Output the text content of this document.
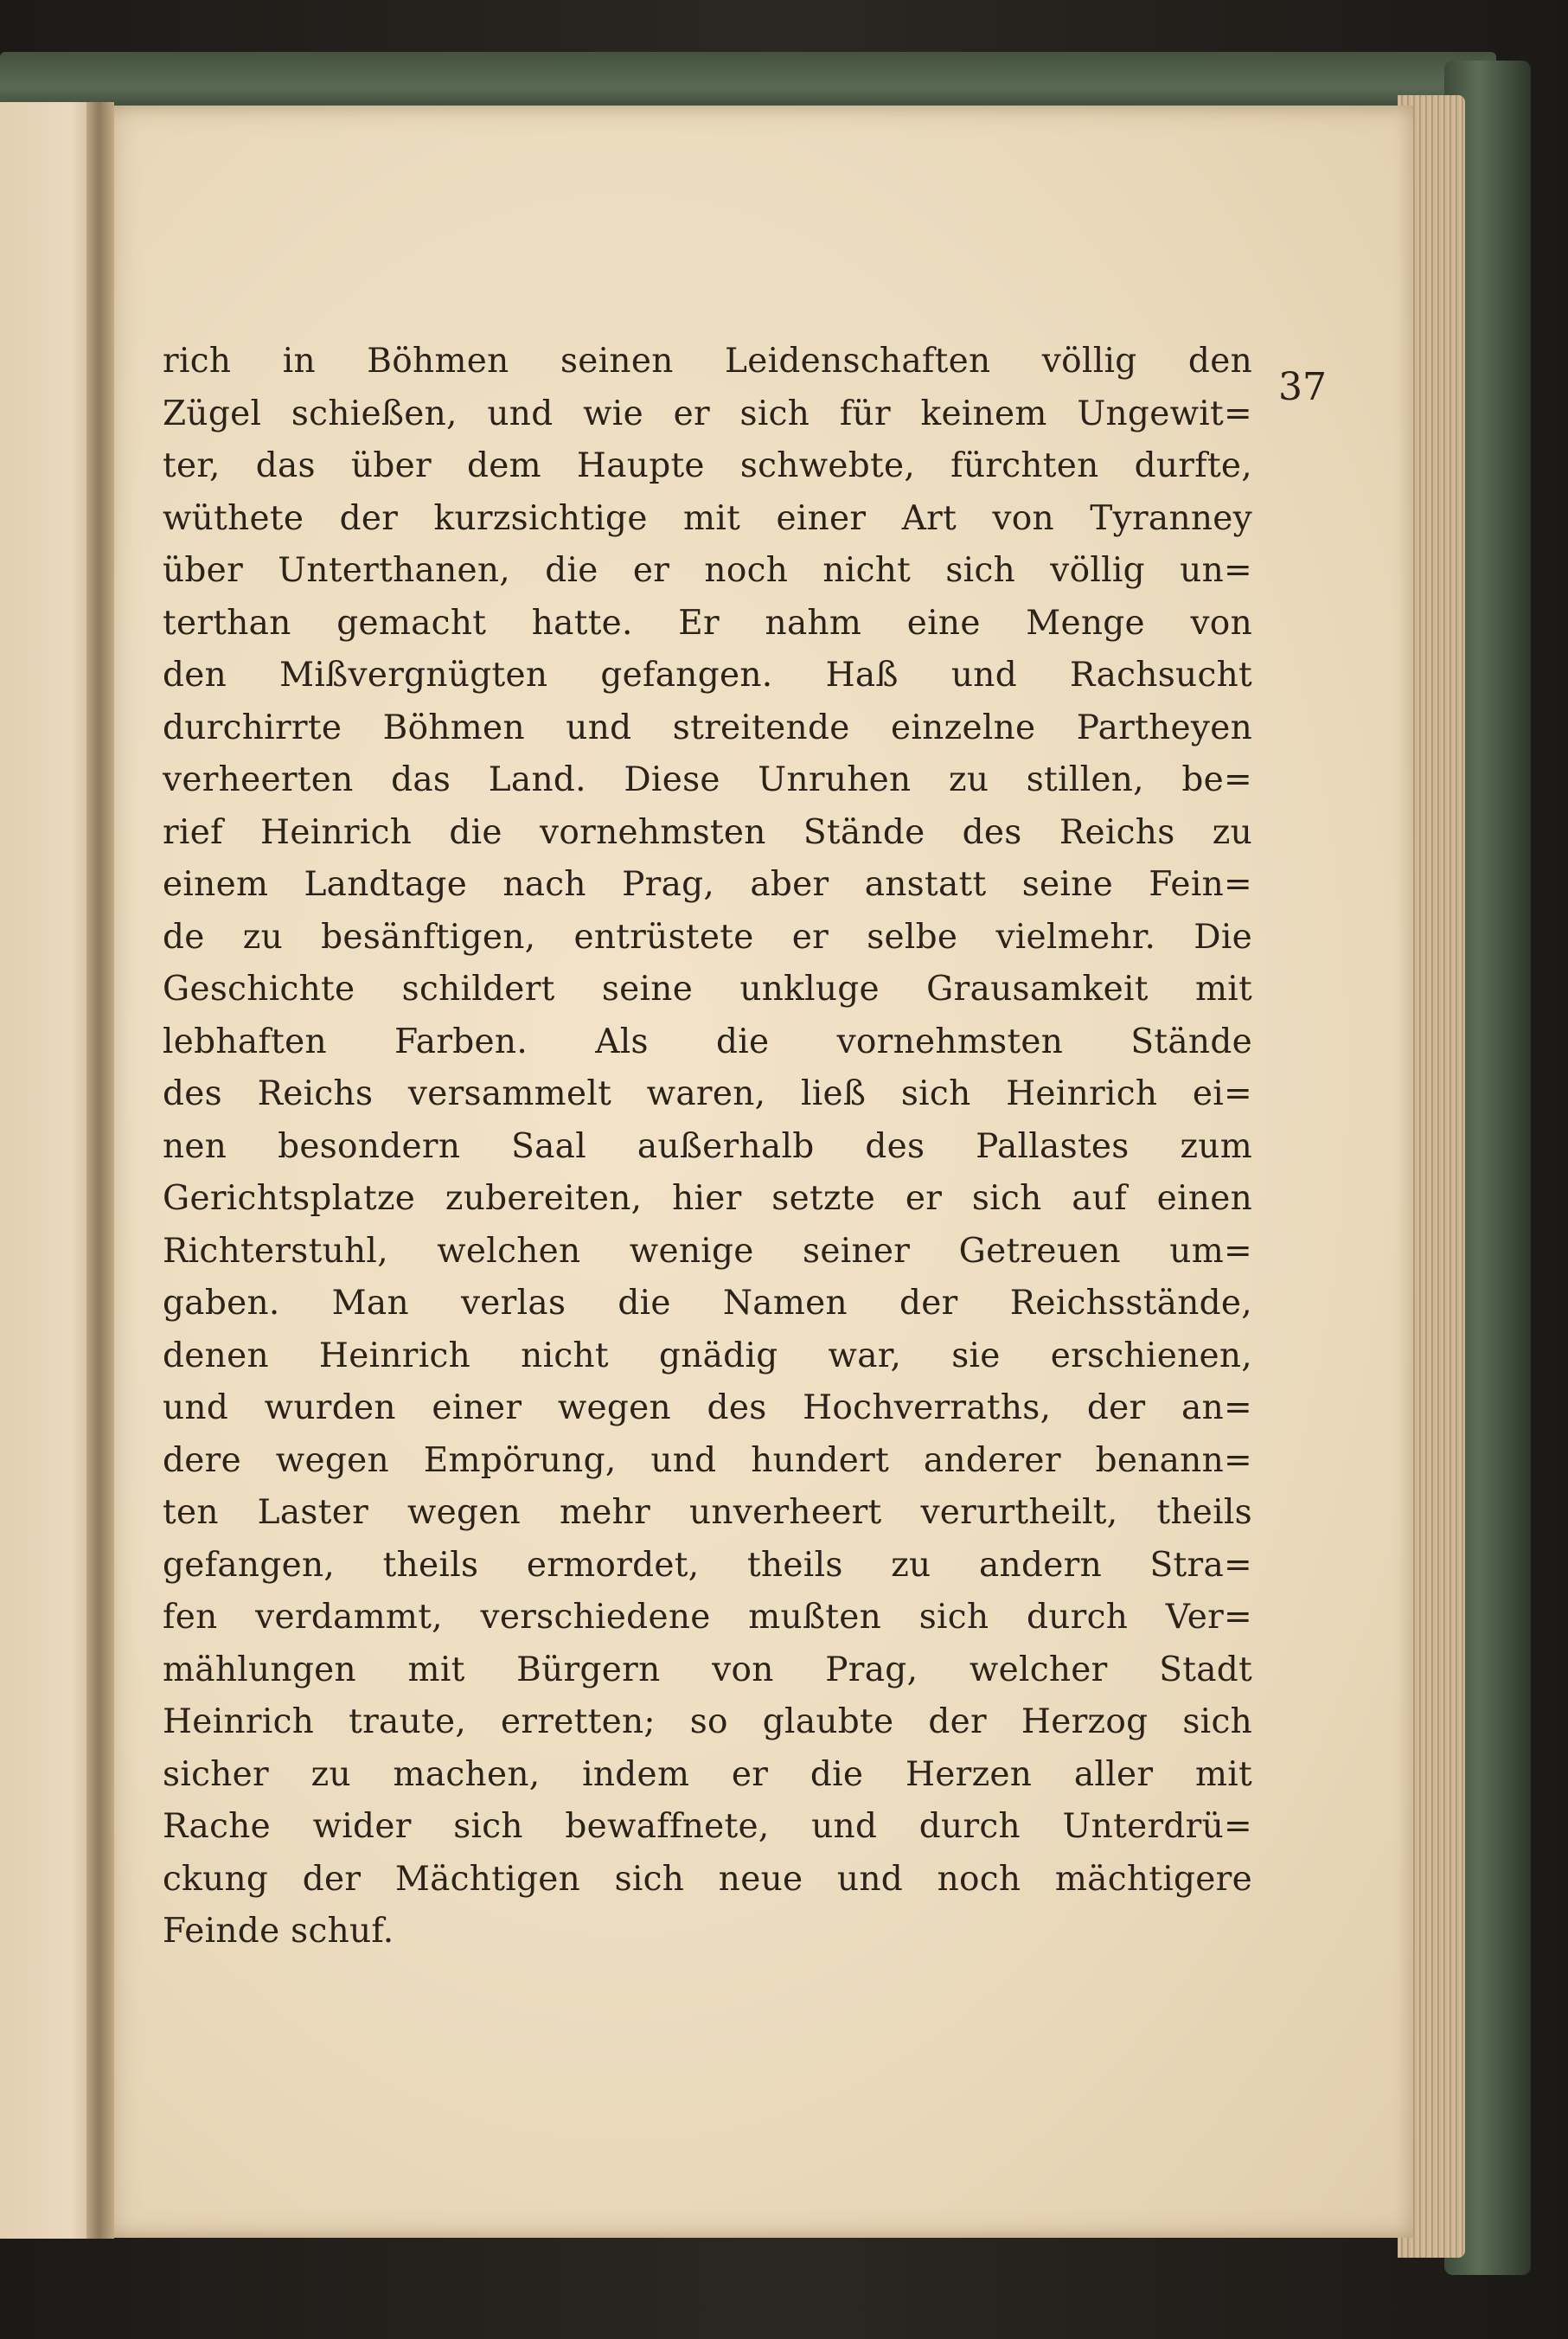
37
rich in Böhmen seinen Leidenschaften völlig den
Zügel schießen, und wie er sich für keinem Ungewit=
ter, das über dem Haupte schwebte, fürchten durfte,
wüthete der kurzsichtige mit einer Art von Tyranney
über Unterthanen, die er noch nicht sich völlig un=
terthan gemacht hatte. Er nahm eine Menge von
den Mißvergnügten gefangen. Haß und Rachsucht
durchirrte Böhmen und streitende einzelne Partheyen
verheerten das Land. Diese Unruhen zu stillen, be=
rief Heinrich die vornehmsten Stände des Reichs zu
einem Landtage nach Prag, aber anstatt seine Fein=
de zu besänftigen, entrüstete er selbe vielmehr. Die
Geschichte schildert seine unkluge Grausamkeit mit
lebhaften Farben. Als die vornehmsten Stände
des Reichs versammelt waren, ließ sich Heinrich ei=
nen besondern Saal außerhalb des Pallastes zum
Gerichtsplatze zubereiten, hier setzte er sich auf einen
Richterstuhl, welchen wenige seiner Getreuen um=
gaben. Man verlas die Namen der Reichsstände,
denen Heinrich nicht gnädig war, sie erschienen,
und wurden einer wegen des Hochverraths, der an=
dere wegen Empörung, und hundert anderer benann=
ten Laster wegen mehr unverheert verurtheilt, theils
gefangen, theils ermordet, theils zu andern Stra=
fen verdammt, verschiedene mußten sich durch Ver=
mählungen mit Bürgern von Prag, welcher Stadt
Heinrich traute, erretten; so glaubte der Herzog sich
sicher zu machen, indem er die Herzen aller mit
Rache wider sich bewaffnete, und durch Unterdrü=
ckung der Mächtigen sich neue und noch mächtigere
Feinde schuf.
